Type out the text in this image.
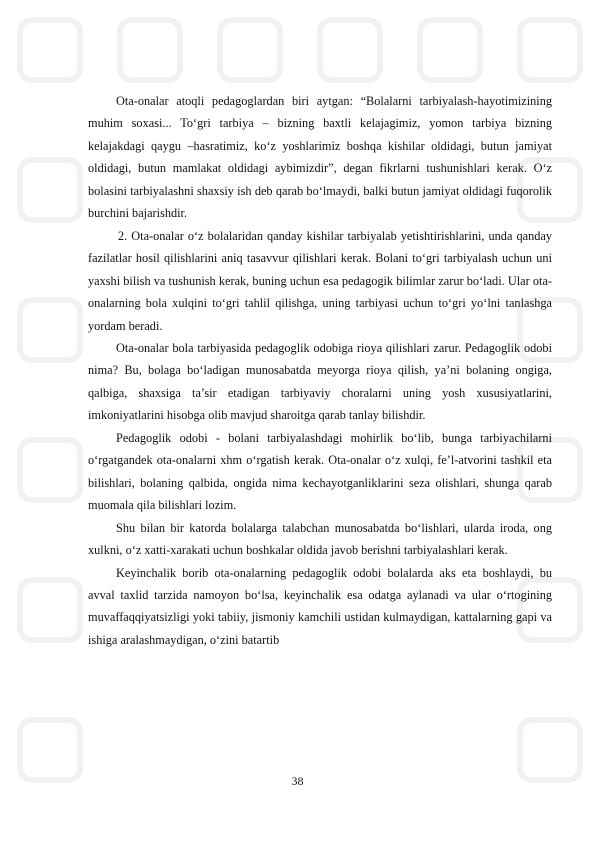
Ota-onalar atoqli pedagoglardan biri aytgan: “Bolalarni tarbiyalash-hayotimizining muhim soxasi... To‘gri tarbiya – bizning baxtli kelajagimiz, yomon tarbiya bizning kelajakdagi qaygu –hasratimiz, ko‘z yoshlarimiz boshqa kishilar oldidagi, butun jamiyat oldidagi, butun mamlakat oldidagi aybimizdir”, degan fikrlarni tushunishlari kerak. O‘z bolasini tarbiyalashni shaxsiy ish deb qarab bo‘lmaydi, balki butun jamiyat oldidagi fuqorolik burchini bajarishdir.

2. Ota-onalar o‘z bolalaridan qanday kishilar tarbiyalab yetishtirishlarini, unda qanday fazilatlar hosil qilishlarini aniq tasavvur qilishlari kerak. Bolani to‘gri tarbiyalash uchun uni yaxshi bilish va tushunish kerak, buning uchun esa pedagogik bilimlar zarur bo‘ladi. Ular ota-onalarning bola xulqini to‘gri tahlil qilishga, uning tarbiyasi uchun to‘gri yo‘lni tanlashga yordam beradi.

Ota-onalar bola tarbiyasida pedagoglik odobiga rioya qilishlari zarur. Pedagoglik odobi nima? Bu, bolaga bo‘ladigan munosabatda meyorga rioya qilish, ya’ni bolaning ongiga, qalbiga, shaxsiga ta’sir etadigan tarbiyaviy choralarni uning yosh xususiyatlarini, imkoniyatlarini hisobga olib mavjud sharoitga qarab tanlay bilishdir.

Pedagoglik odobi - bolani tarbiyalashdagi mohirlik bo‘lib, bunga tarbiyachilarni o‘rgatgandek ota-onalarni xhm o‘rgatish kerak. Ota-onalar o‘z xulqi, fe’l-atvorini tashkil eta bilishlari, bolaning qalbida, ongida nima kechayotganliklarini seza olishlari, shunga qarab muomala qila bilishlari lozim.

Shu bilan bir katorda bolalarga talabchan munosabatda bo‘lishlari, ularda iroda, ong xulkni, o‘z xatti-xarakati uchun boshkalar oldida javob berishni tarbiyalashlari kerak.

Keyinchalik borib ota-onalarning pedagoglik odobi bolalarda aks eta boshlaydi, bu avval taxlid tarzida namoyon bo‘lsa, keyinchalik esa odatga aylanadi va ular o‘rtogining muvaffaqqiyatsizligi yoki tabiiy, jismoniy kamchili ustidan kulmaydigan, kattalarning gapi va ishiga aralashmaydigan, o‘zini batartib

38
